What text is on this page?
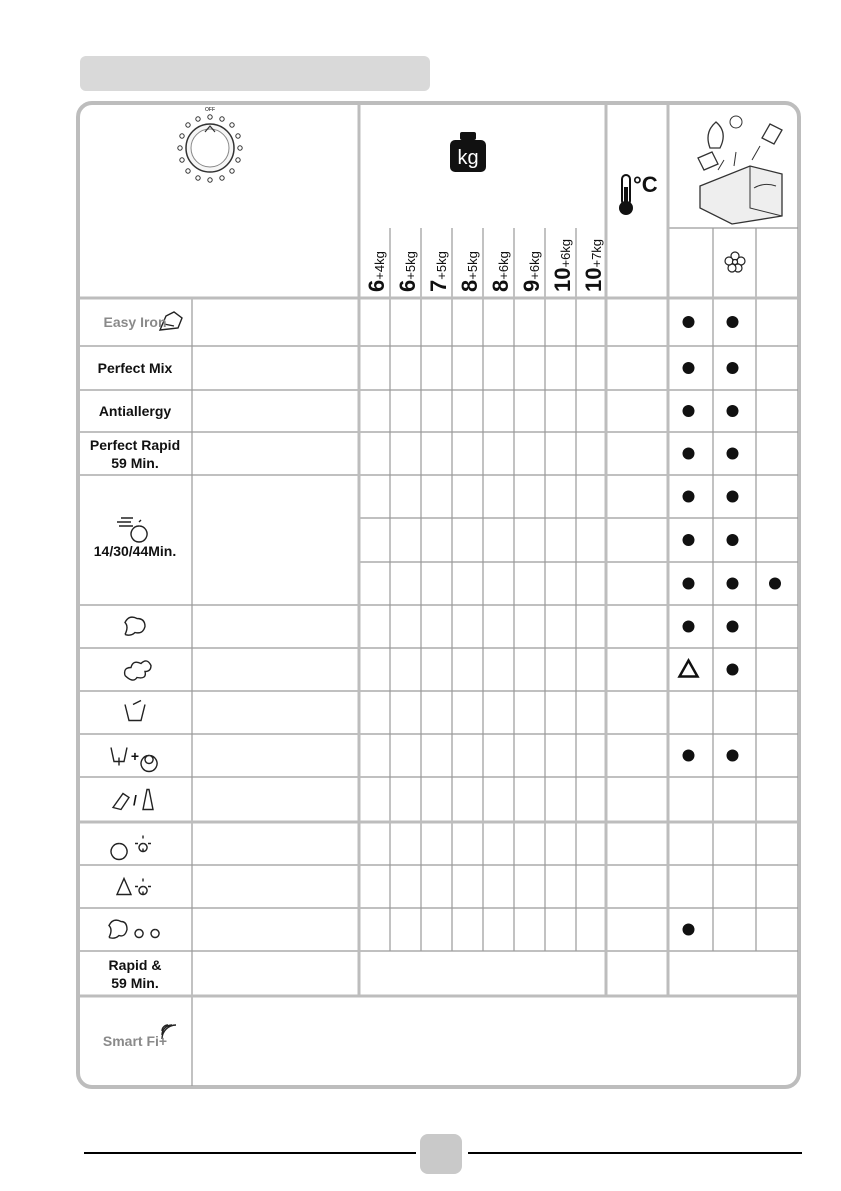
OFF
kg
°C
6+4kg
6+5kg
7+5kg
8+5kg
8+6kg
9+6kg
10+6kg
10+7kg
Easy Iron
Perfect Mix
Antiallergy
Perfect Rapid
59 Min.
14/30/44Min.
+
/
Rapid &
59 Min.
Smart Fi+
